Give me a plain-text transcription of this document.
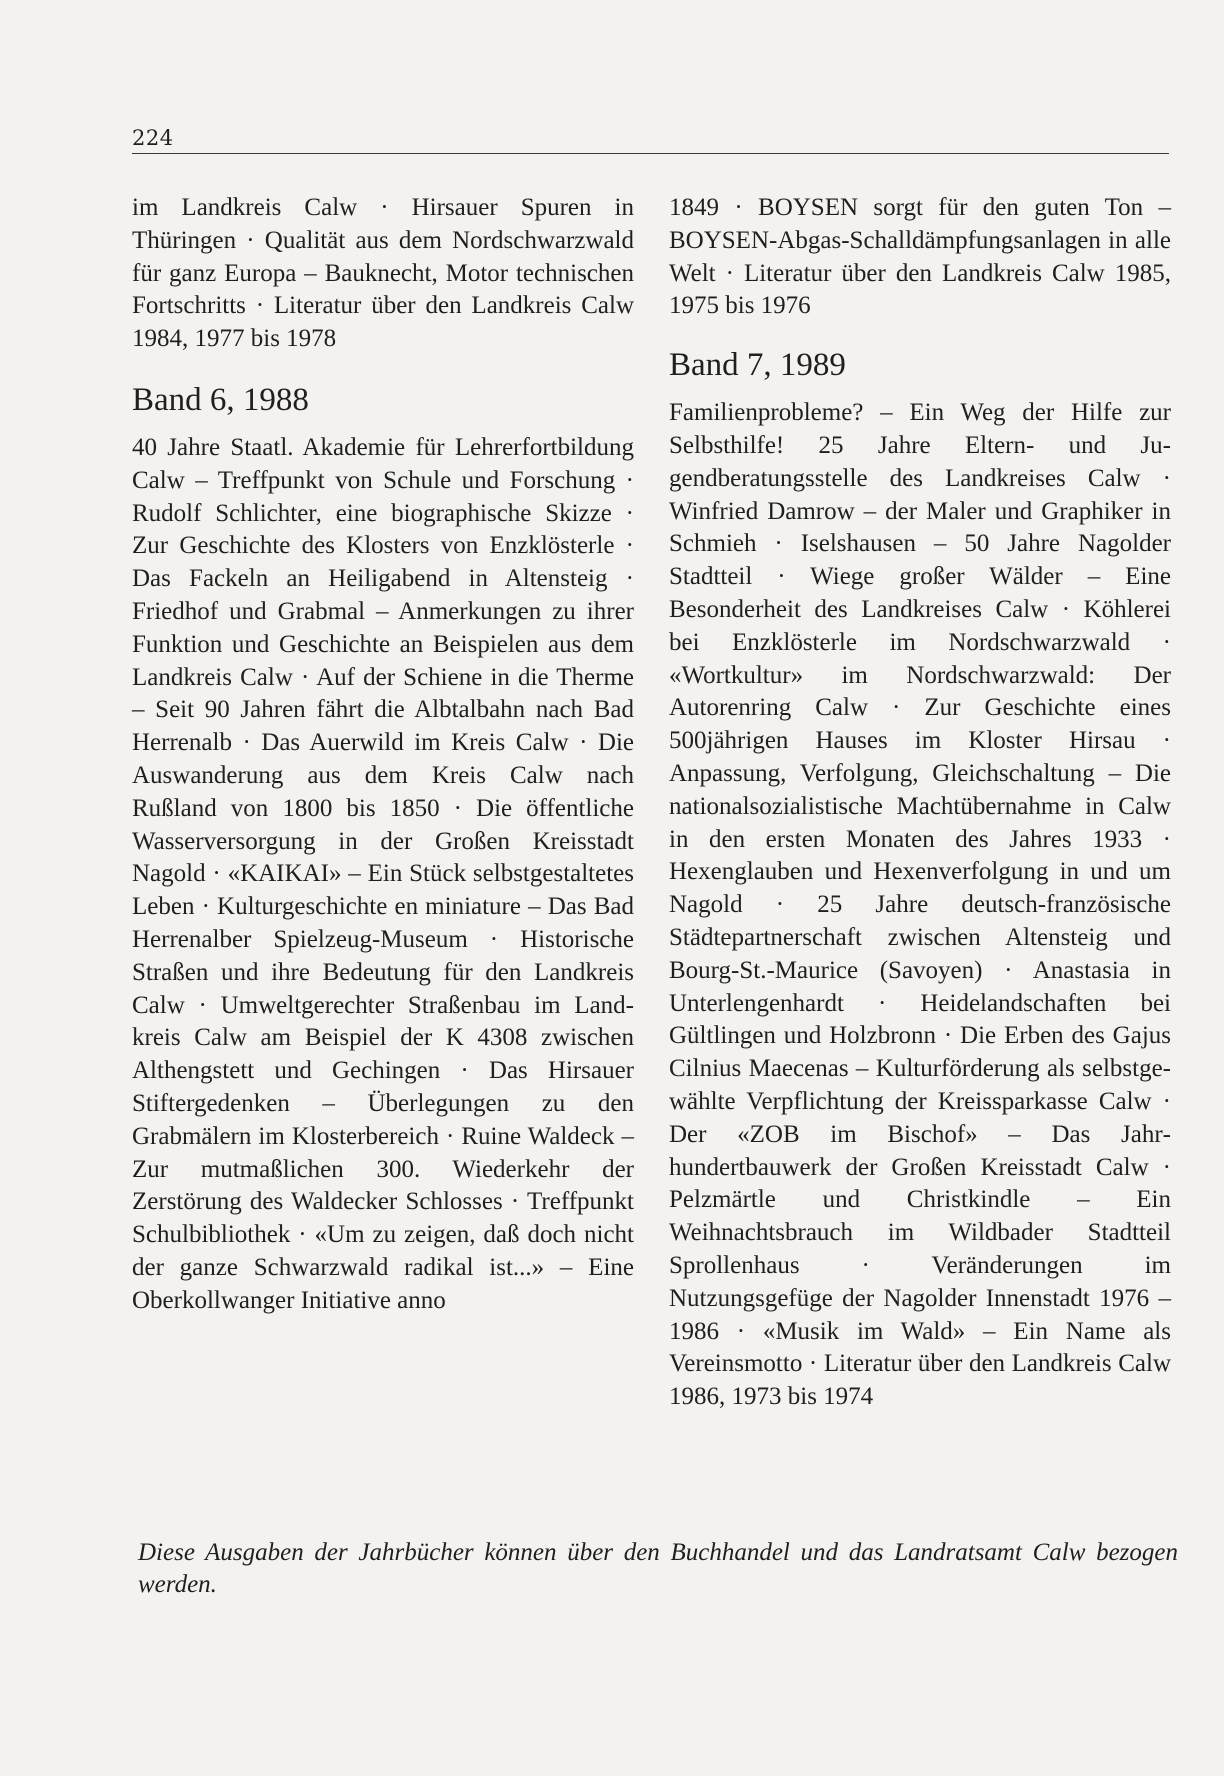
224

im Landkreis Calw · Hirsauer Spuren in Thüringen · Qualität aus dem Nordschwarzwald für ganz Europa – Bauknecht, Motor technischen Fortschritts · Literatur über den Landkreis Calw 1984, 1977 bis 1978

Band 6, 1988

40 Jahre Staatl. Akademie für Lehrerfortbildung Calw – Treffpunkt von Schule und Forschung · Rudolf Schlichter, eine biographische Skizze · Zur Geschichte des Klosters von Enzklösterle · Das Fackeln an Heiligabend in Altensteig · Friedhof und Grabmal – Anmerkungen zu ihrer Funktion und Geschichte an Beispielen aus dem Landkreis Calw · Auf der Schiene in die Therme – Seit 90 Jahren fährt die Albtalbahn nach Bad Herrenalb · Das Auerwild im Kreis Calw · Die Auswanderung aus dem Kreis Calw nach Rußland von 1800 bis 1850 · Die öffentliche Wasserversorgung in der Großen Kreisstadt Nagold · «KAIKAI» – Ein Stück selbstgestaltetes Leben · Kulturgeschichte en miniature – Das Bad Herrenalber Spielzeug-Museum · Historische Straßen und ihre Bedeutung für den Landkreis Calw · Umweltgerechter Straßenbau im Landkreis Calw am Beispiel der K 4308 zwischen Althengstett und Gechingen · Das Hirsauer Stiftergedenken – Überlegungen zu den Grabmälern im Klosterbereich · Ruine Waldeck – Zur mutmaßlichen 300. Wiederkehr der Zerstörung des Waldecker Schlosses · Treffpunkt Schulbibliothek · «Um zu zeigen, daß doch nicht der ganze Schwarzwald radikal ist...» – Eine Oberkollwanger Initiative anno

1849 · BOYSEN sorgt für den guten Ton – BOYSEN-Abgas-Schalldämpfungsanlagen in alle Welt · Literatur über den Landkreis Calw 1985, 1975 bis 1976

Band 7, 1989

Familienprobleme? – Ein Weg der Hilfe zur Selbsthilfe! 25 Jahre Eltern- und Jugendberatungsstelle des Landkreises Calw · Winfried Damrow – der Maler und Graphiker in Schmieh · Iselshausen – 50 Jahre Nagolder Stadtteil · Wiege großer Wälder – Eine Besonderheit des Landkreises Calw · Köhlerei bei Enzklösterle im Nordschwarzwald · «Wortkultur» im Nordschwarzwald: Der Autorenring Calw · Zur Geschichte eines 500jährigen Hauses im Kloster Hirsau · Anpassung, Verfolgung, Gleichschaltung – Die nationalsozialistische Machtübernahme in Calw in den ersten Monaten des Jahres 1933 · Hexenglauben und Hexenverfolgung in und um Nagold · 25 Jahre deutsch-französische Städtepartnerschaft zwischen Altensteig und Bourg-St.-Maurice (Savoyen) · Anastasia in Unterlengenhardt · Heidelandschaften bei Gültlingen und Holzbronn · Die Erben des Gajus Cilnius Maecenas – Kulturförderung als selbstgewählte Verpflichtung der Kreissparkasse Calw · Der «ZOB im Bischof» – Das Jahrhundertbauwerk der Großen Kreisstadt Calw · Pelzmärtle und Christkindle – Ein Weihnachtsbrauch im Wildbader Stadtteil Sprollenhaus · Veränderungen im Nutzungsgefüge der Nagolder Innenstadt 1976 – 1986 · «Musik im Wald» – Ein Name als Vereinsmotto · Literatur über den Landkreis Calw 1986, 1973 bis 1974

Diese Ausgaben der Jahrbücher können über den Buchhandel und das Landratsamt Calw bezogen werden.
